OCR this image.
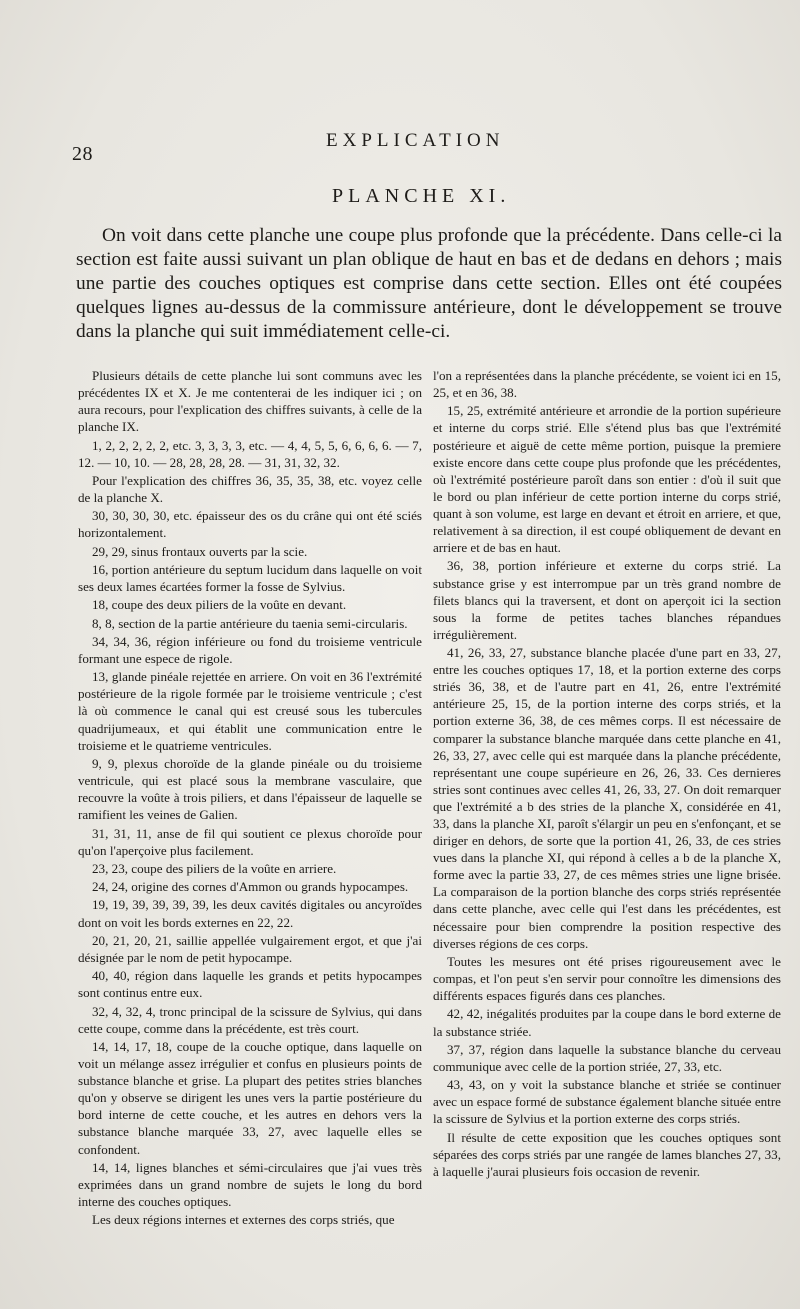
28
EXPLICATION
PLANCHE XI.

On voit dans cette planche une coupe plus profonde que la précédente. Dans celle-ci la section est faite aussi suivant un plan oblique de haut en bas et de dedans en dehors ; mais une partie des couches optiques est comprise dans cette section. Elles ont été coupées quelques lignes au-dessus de la commissure antérieure, dont le développement se trouve dans la planche qui suit immédiatement celle-ci.

Plusieurs détails de cette planche lui sont communs avec les précédentes IX et X. Je me contenterai de les indiquer ici ; on aura recours, pour l'explication des chiffres suivants, à celle de la planche IX.

1, 2, 2, 2, 2, 2, etc. 3, 3, 3, 3, etc. — 4, 4, 5, 5, 6, 6, 6, 6. — 7, 12. — 10, 10. — 28, 28, 28, 28. — 31, 31, 32, 32.

Pour l'explication des chiffres 36, 35, 35, 38, etc. voyez celle de la planche X.

30, 30, 30, 30, etc. épaisseur des os du crâne qui ont été sciés horizontalement.

29, 29, sinus frontaux ouverts par la scie.

16, portion antérieure du septum lucidum dans laquelle on voit ses deux lames écartées former la fosse de Sylvius.

18, coupe des deux piliers de la voûte en devant.

8, 8, section de la partie antérieure du taenia semi-circularis.

34, 34, 36, région inférieure ou fond du troisieme ventricule formant une espece de rigole.

13, glande pinéale rejettée en arriere. On voit en 36 l'extrémité postérieure de la rigole formée par le troisieme ventricule ; c'est là où commence le canal qui est creusé sous les tubercules quadrijumeaux, et qui établit une communication entre le troisieme et le quatrieme ventricules.

9, 9, plexus choroïde de la glande pinéale ou du troisieme ventricule, qui est placé sous la membrane vasculaire, que recouvre la voûte à trois piliers, et dans l'épaisseur de laquelle se ramifient les veines de Galien.

31, 31, 11, anse de fil qui soutient ce plexus choroïde pour qu'on l'aperçoive plus facilement.

23, 23, coupe des piliers de la voûte en arriere.

24, 24, origine des cornes d'Ammon ou grands hypocampes.

19, 19, 39, 39, 39, 39, les deux cavités digitales ou ancyroïdes dont on voit les bords externes en 22, 22.

20, 21, 20, 21, saillie appellée vulgairement ergot, et que j'ai désignée par le nom de petit hypocampe.

40, 40, région dans laquelle les grands et petits hypocampes sont continus entre eux.

32, 4, 32, 4, tronc principal de la scissure de Sylvius, qui dans cette coupe, comme dans la précédente, est très court.

14, 14, 17, 18, coupe de la couche optique, dans laquelle on voit un mélange assez irrégulier et confus en plusieurs points de substance blanche et grise. La plupart des petites stries blanches qu'on y observe se dirigent les unes vers la partie postérieure du bord interne de cette couche, et les autres en dehors vers la substance blanche marquée 33, 27, avec laquelle elles se confondent.

14, 14, lignes blanches et sémi-circulaires que j'ai vues très exprimées dans un grand nombre de sujets le long du bord interne des couches optiques.

Les deux régions internes et externes des corps striés, que

l'on a représentées dans la planche précédente, se voient ici en 15, 25, et en 36, 38.

15, 25, extrémité antérieure et arrondie de la portion supérieure et interne du corps strié. Elle s'étend plus bas que l'extrémité postérieure et aiguë de cette même portion, puisque la premiere existe encore dans cette coupe plus profonde que les précédentes, où l'extrémité postérieure paroît dans son entier : d'où il suit que le bord ou plan inférieur de cette portion interne du corps strié, quant à son volume, est large en devant et étroit en arriere, et que, relativement à sa direction, il est coupé obliquement de devant en arriere et de bas en haut.

36, 38, portion inférieure et externe du corps strié. La substance grise y est interrompue par un très grand nombre de filets blancs qui la traversent, et dont on aperçoit ici la section sous la forme de petites taches blanches répandues irrégulièrement.

41, 26, 33, 27, substance blanche placée d'une part en 33, 27, entre les couches optiques 17, 18, et la portion externe des corps striés 36, 38, et de l'autre part en 41, 26, entre l'extrémité antérieure 25, 15, de la portion interne des corps striés, et la portion externe 36, 38, de ces mêmes corps. Il est nécessaire de comparer la substance blanche marquée dans cette planche en 41, 26, 33, 27, avec celle qui est marquée dans la planche précédente, représentant une coupe supérieure en 26, 26, 33. Ces dernieres stries sont continues avec celles 41, 26, 33, 27. On doit remarquer que l'extrémité a b des stries de la planche X, considérée en 41, 33, dans la planche XI, paroît s'élargir un peu en s'enfonçant, et se diriger en dehors, de sorte que la portion 41, 26, 33, de ces stries vues dans la planche XI, qui répond à celles a b de la planche X, forme avec la partie 33, 27, de ces mêmes stries une ligne brisée. La comparaison de la portion blanche des corps striés représentée dans cette planche, avec celle qui l'est dans les précédentes, est nécessaire pour bien comprendre la position respective des diverses régions de ces corps.

Toutes les mesures ont été prises rigoureusement avec le compas, et l'on peut s'en servir pour connoître les dimensions des différents espaces figurés dans ces planches.

42, 42, inégalités produites par la coupe dans le bord externe de la substance striée.

37, 37, région dans laquelle la substance blanche du cerveau communique avec celle de la portion striée, 27, 33, etc.

43, 43, on y voit la substance blanche et striée se continuer avec un espace formé de substance également blanche située entre la scissure de Sylvius et la portion externe des corps striés.

Il résulte de cette exposition que les couches optiques sont séparées des corps striés par une rangée de lames blanches 27, 33, à laquelle j'aurai plusieurs fois occasion de revenir.
